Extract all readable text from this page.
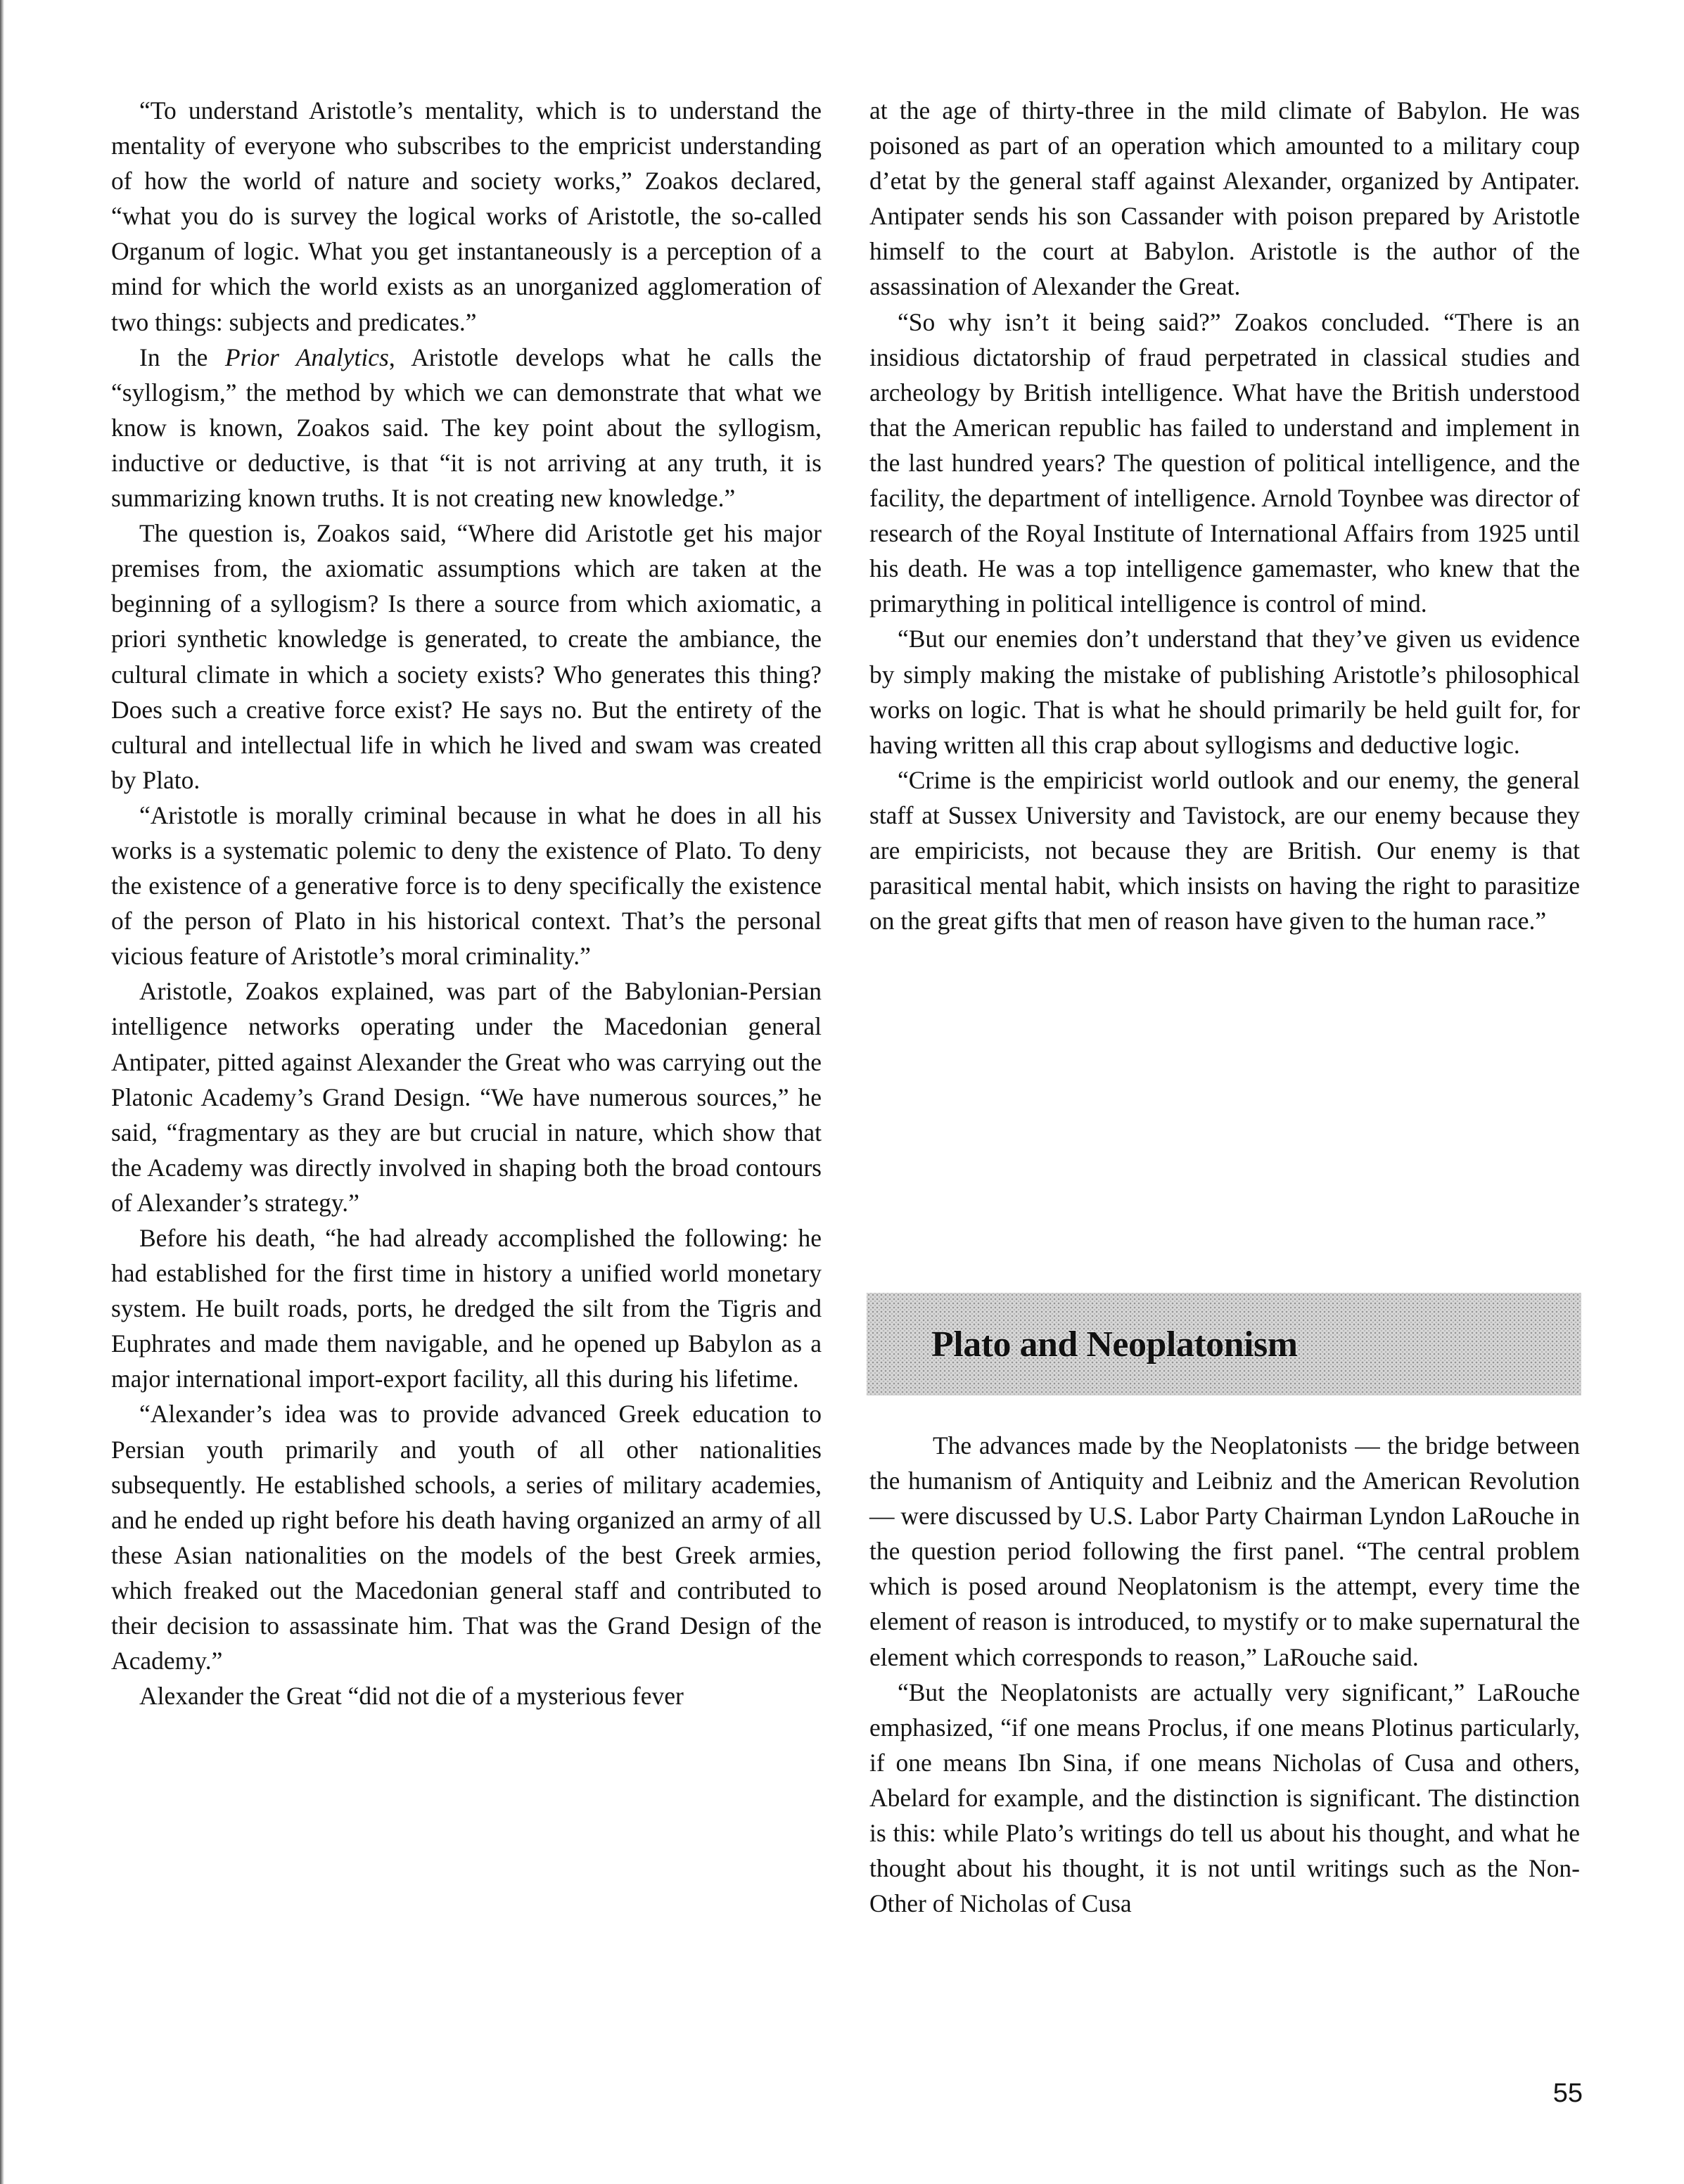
“To understand Aristotle’s mentality, which is to understand the mentality of everyone who subscribes to the empricist understanding of how the world of nature and society works,” Zoakos declared, “what you do is survey the logical works of Aristotle, the so-called Organum of logic. What you get instantaneously is a perception of a mind for which the world exists as an unorganized agglomeration of two things: subjects and predicates.”

In the Prior Analytics, Aristotle develops what he calls the “syllogism,” the method by which we can demonstrate that what we know is known, Zoakos said. The key point about the syllogism, inductive or deductive, is that “it is not arriving at any truth, it is summarizing known truths. It is not creating new knowledge.”

The question is, Zoakos said, “Where did Aristotle get his major premises from, the axiomatic assumptions which are taken at the beginning of a syllogism? Is there a source from which axiomatic, a priori synthetic knowledge is generated, to create the ambiance, the cultural climate in which a society exists? Who generates this thing? Does such a creative force exist? He says no. But the entirety of the cultural and intellectual life in which he lived and swam was created by Plato.

“Aristotle is morally criminal because in what he does in all his works is a systematic polemic to deny the existence of Plato. To deny the existence of a generative force is to deny specifically the existence of the person of Plato in his historical context. That’s the personal vicious feature of Aristotle’s moral criminality.”

Aristotle, Zoakos explained, was part of the Babylonian-Persian intelligence networks operating under the Macedonian general Antipater, pitted against Alexander the Great who was carrying out the Platonic Academy’s Grand Design. “We have numerous sources,” he said, “fragmentary as they are but crucial in nature, which show that the Academy was directly involved in shaping both the broad contours of Alexander’s strategy.”

Before his death, “he had already accomplished the following: he had established for the first time in history a unified world monetary system. He built roads, ports, he dredged the silt from the Tigris and Euphrates and made them navigable, and he opened up Babylon as a major international import-export facility, all this during his lifetime.

“Alexander’s idea was to provide advanced Greek education to Persian youth primarily and youth of all other nationalities subsequently. He established schools, a series of military academies, and he ended up right before his death having organized an army of all these Asian nationalities on the models of the best Greek armies, which freaked out the Macedonian general staff and contributed to their decision to assassinate him. That was the Grand Design of the Academy.”

Alexander the Great “did not die of a mysterious fever

at the age of thirty-three in the mild climate of Babylon. He was poisoned as part of an operation which amounted to a military coup d’etat by the general staff against Alexander, organized by Antipater. Antipater sends his son Cassander with poison prepared by Aristotle himself to the court at Babylon. Aristotle is the author of the assassination of Alexander the Great.

“So why isn’t it being said?” Zoakos concluded. “There is an insidious dictatorship of fraud perpetrated in classical studies and archeology by British intelligence. What have the British understood that the American republic has failed to understand and implement in the last hundred years? The question of political intelligence, and the facility, the department of intelligence. Arnold Toynbee was director of research of the Royal Institute of International Affairs from 1925 until his death. He was a top intelligence gamemaster, who knew that the primarything in political intelligence is control of mind.

“But our enemies don’t understand that they’ve given us evidence by simply making the mistake of publishing Aristotle’s philosophical works on logic. That is what he should primarily be held guilt for, for having written all this crap about syllogisms and deductive logic.

“Crime is the empiricist world outlook and our enemy, the general staff at Sussex University and Tavistock, are our enemy because they are empiricists, not because they are British. Our enemy is that parasitical mental habit, which insists on having the right to parasitize on the great gifts that men of reason have given to the human race.”

Plato and Neoplatonism

The advances made by the Neoplatonists — the bridge between the humanism of Antiquity and Leibniz and the American Revolution — were discussed by U.S. Labor Party Chairman Lyndon LaRouche in the question period following the first panel. “The central problem which is posed around Neoplatonism is the attempt, every time the element of reason is introduced, to mystify or to make supernatural the element which corresponds to reason,” LaRouche said.

“But the Neoplatonists are actually very significant,” LaRouche emphasized, “if one means Proclus, if one means Plotinus particularly, if one means Ibn Sina, if one means Nicholas of Cusa and others, Abelard for example, and the distinction is significant. The distinction is this: while Plato’s writings do tell us about his thought, and what he thought about his thought, it is not until writings such as the Non-Other of Nicholas of Cusa

55
